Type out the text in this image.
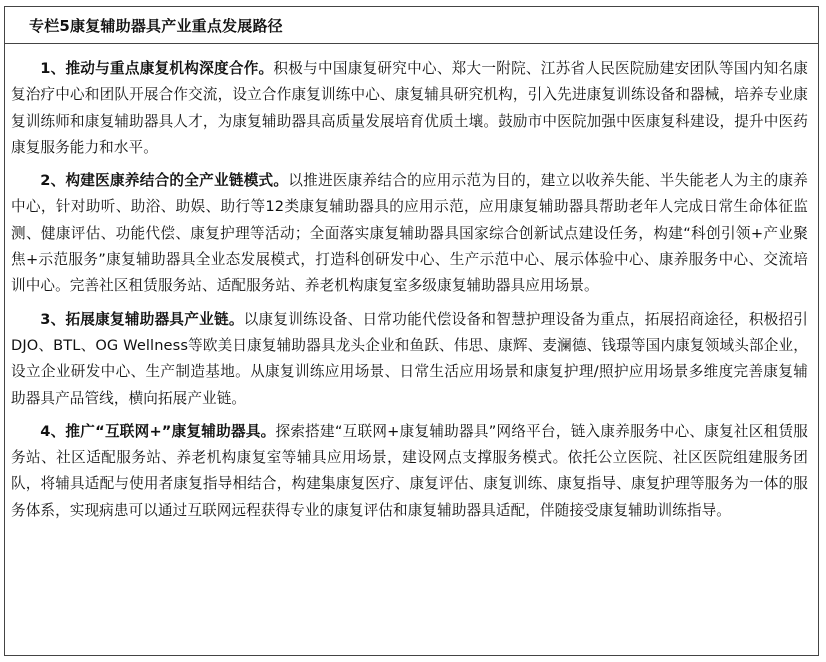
专栏5康复辅助器具产业重点发展路径

1、推动与重点康复机构深度合作。积极与中国康复研究中心、郑大一附院、江苏省人民医院励建安团队等国内知名康复治疗中心和团队开展合作交流，设立合作康复训练中心、康复辅具研究机构，引入先进康复训练设备和器械，培养专业康复训练师和康复辅助器具人才，为康复辅助器具高质量发展培育优质土壤。鼓励市中医院加强中医康复科建设，提升中医药康复服务能力和水平。

2、构建医康养结合的全产业链模式。以推进医康养结合的应用示范为目的，建立以收养失能、半失能老人为主的康养中心，针对助听、助浴、助娱、助行等12类康复辅助器具的应用示范，应用康复辅助器具帮助老年人完成日常生命体征监测、健康评估、功能代偿、康复护理等活动；全面落实康复辅助器具国家综合创新试点建设任务，构建“科创引领+产业聚焦+示范服务”康复辅助器具全业态发展模式，打造科创研发中心、生产示范中心、展示体验中心、康养服务中心、交流培训中心。完善社区租赁服务站、适配服务站、养老机构康复室多级康复辅助器具应用场景。

3、拓展康复辅助器具产业链。以康复训练设备、日常功能代偿设备和智慧护理设备为重点，拓展招商途径，积极招引DJO、BTL、OG Wellness等欧美日康复辅助器具龙头企业和鱼跃、伟思、康辉、麦澜德、钱璟等国内康复领域头部企业，设立企业研发中心、生产制造基地。从康复训练应用场景、日常生活应用场景和康复护理/照护应用场景多维度完善康复辅助器具产品管线，横向拓展产业链。

4、推广“互联网+”康复辅助器具。探索搭建“互联网+康复辅助器具”网络平台，链入康养服务中心、康复社区租赁服务站、社区适配服务站、养老机构康复室等辅具应用场景，建设网点支撑服务模式。依托公立医院、社区医院组建服务团队，将辅具适配与使用者康复指导相结合，构建集康复医疗、康复评估、康复训练、康复指导、康复护理等服务为一体的服务体系，实现病患可以通过互联网远程获得专业的康复评估和康复辅助器具适配，伴随接受康复辅助训练指导。
